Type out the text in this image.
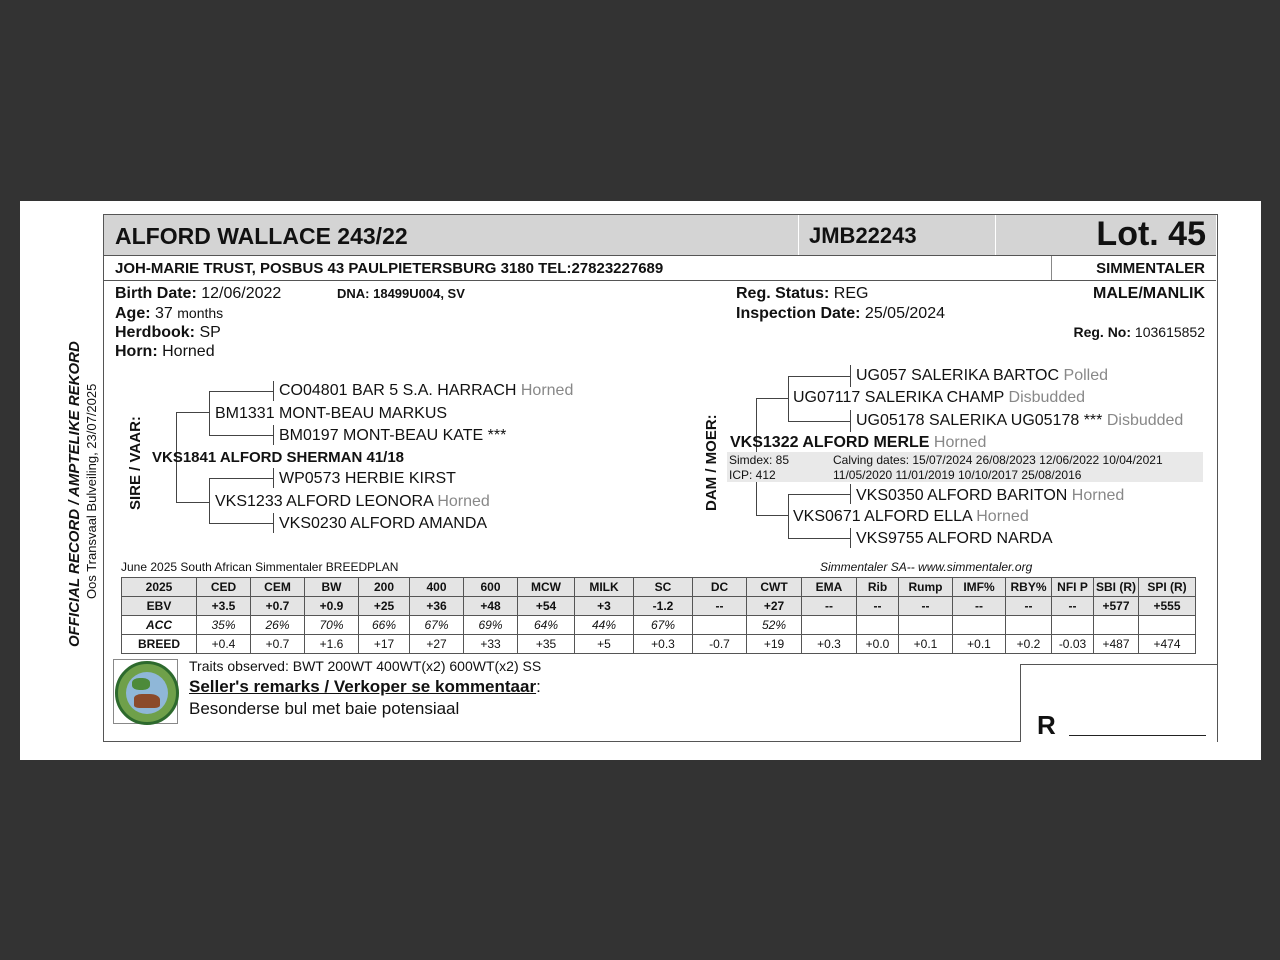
OFFICIAL RECORD / AMPTELIKE REKORD Oos Transvaal Bulveiling, 23/07/2025
ALFORD WALLACE 243/22	JMB22243	Lot. 45
JOH-MARIE TRUST, POSBUS 43 PAULPIETERSBURG 3180 TEL:27823227689	SIMMENTALER
Birth Date: 12/06/2022	DNA: 18499U004, SV
Age: 37 months
Herdbook: SP
Horn: Horned
Reg. Status: REG
Inspection Date: 25/05/2024
MALE/MANLIK
Reg. No: 103615852
SIRE / VAAR:
CO04801 BAR 5 S.A. HARRACH Horned
BM1331 MONT-BEAU MARKUS
BM0197 MONT-BEAU KATE ***
VKS1841 ALFORD SHERMAN 41/18
WP0573 HERBIE KIRST
VKS1233 ALFORD LEONORA Horned
VKS0230 ALFORD AMANDA
DAM / MOER:
UG057 SALERIKA BARTOC Polled
UG07117 SALERIKA CHAMP Disbudded
UG05178 SALERIKA UG05178 *** Disbudded
VKS1322 ALFORD MERLE Horned
Simdex: 85
ICP: 412
Calving dates: 15/07/2024 26/08/2023 12/06/2022 10/04/2021
11/05/2020 11/01/2019 10/10/2017 25/08/2016
VKS0350 ALFORD BARITON Horned
VKS0671 ALFORD ELLA Horned
VKS9755 ALFORD NARDA
June 2025 South African Simmentaler BREEDPLAN	Simmentaler SA-- www.simmentaler.org
2025	CED	CEM	BW	200	400	600	MCW	MILK	SC	DC	CWT	EMA	Rib	Rump	IMF%	RBY%	NFI P	SBI (R)	SPI (R)
EBV	+3.5	+0.7	+0.9	+25	+36	+48	+54	+3	-1.2	--	+27	--	--	--	--	--	--	+577	+555
ACC	35%	26%	70%	66%	67%	69%	64%	44%	67%		52%								
BREED	+0.4	+0.7	+1.6	+17	+27	+33	+35	+5	+0.3	-0.7	+19	+0.3	+0.0	+0.1	+0.1	+0.2	-0.03	+487	+474
Traits observed: BWT 200WT 400WT(x2) 600WT(x2) SS
Seller's remarks / Verkoper se kommentaar:
Besonderse bul met baie potensiaal
R
